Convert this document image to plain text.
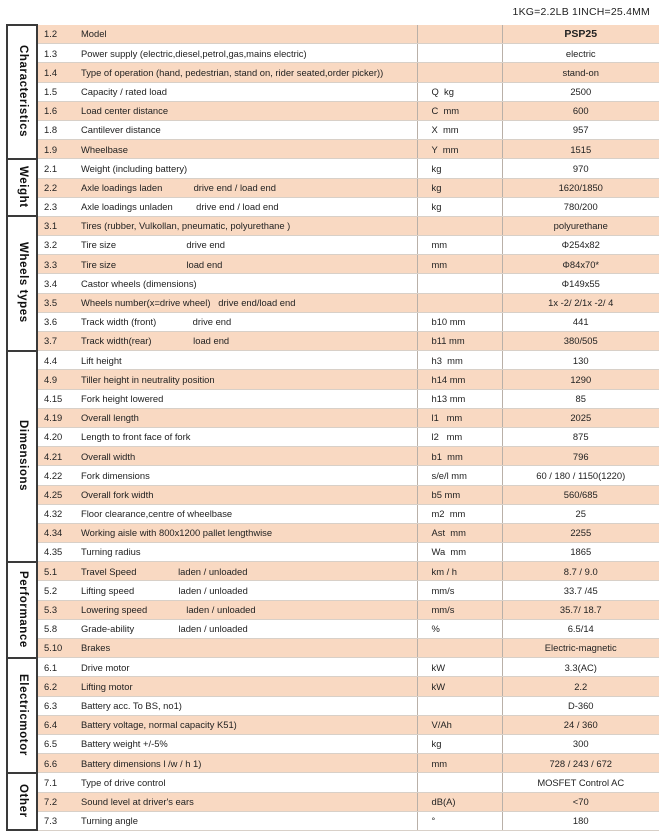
1KG=2.2LB 1INCH=25.4MM
Characteristics	1.2	Model		PSP25
	1.3	Power supply (electric,diesel,petrol,gas,mains electric)		electric
	1.4	Type of operation (hand, pedestrian, stand on, rider seated,order picker))		stand-on
	1.5	Capacity / rated load	Q  kg	2500
	1.6	Load center distance	C  mm	600
	1.8	Cantilever distance	X  mm	957
	1.9	Wheelbase	Y  mm	1515
Weight	2.1	Weight (including battery)	kg	970
	2.2	Axle loadings laden            drive end / load end	kg	1620/1850
	2.3	Axle loadings unladen         drive end / load end	kg	780/200
Wheels types	3.1	Tires (rubber, Vulkollan, pneumatic, polyurethane )		polyurethane
	3.2	Tire size                           drive end	mm	Φ254x82
	3.3	Tire size                           load end	mm	Φ84x70*
	3.4	Castor wheels (dimensions)		Φ149x55
	3.5	Wheels number(x=drive wheel)   drive end/load end		1x -2/ 2/1x -2/ 4
	3.6	Track width (front)              drive end	b10 mm	441
	3.7	Track width(rear)                load end	b11 mm	380/505
Dimensions	4.4	Lift height	h3  mm	130
	4.9	Tiller height in neutrality position	h14 mm	1290
	4.15	Fork height lowered	h13 mm	85
	4.19	Overall length	l1   mm	2025
	4.20	Length to front face of fork	l2   mm	875
	4.21	Overall width	b1  mm	796
	4.22	Fork dimensions	s/e/l mm	60 / 180 / 1150(1220)
	4.25	Overall fork width	b5 mm	560/685
	4.32	Floor clearance,centre of wheelbase	m2  mm	25
	4.34	Working aisle with 800x1200 pallet lengthwise	Ast  mm	2255
	4.35	Turning radius	Wa  mm	1865
Performance	5.1	Travel Speed                laden / unloaded	km / h	8.7 / 9.0
	5.2	Lifting speed                 laden / unloaded	mm/s	33.7 /45
	5.3	Lowering speed               laden / unloaded	mm/s	35.7/ 18.7
	5.8	Grade-ability                 laden / unloaded	%	6.5/14
	5.10	Brakes		Electric-magnetic
Electricmotor	6.1	Drive motor	kW	3.3(AC)
	6.2	Lifting motor	kW	2.2
	6.3	Battery acc. To BS, no1)		D-360
	6.4	Battery voltage, normal capacity K51)	V/Ah	24 / 360
	6.5	Battery weight +/-5%	kg	300
	6.6	Battery dimensions l /w / h 1)	mm	728 / 243 / 672
Other	7.1	Type of drive control		MOSFET Control AC
	7.2	Sound level at driver's ears	dB(A)	<70
	7.3	Turning angle	°	180
